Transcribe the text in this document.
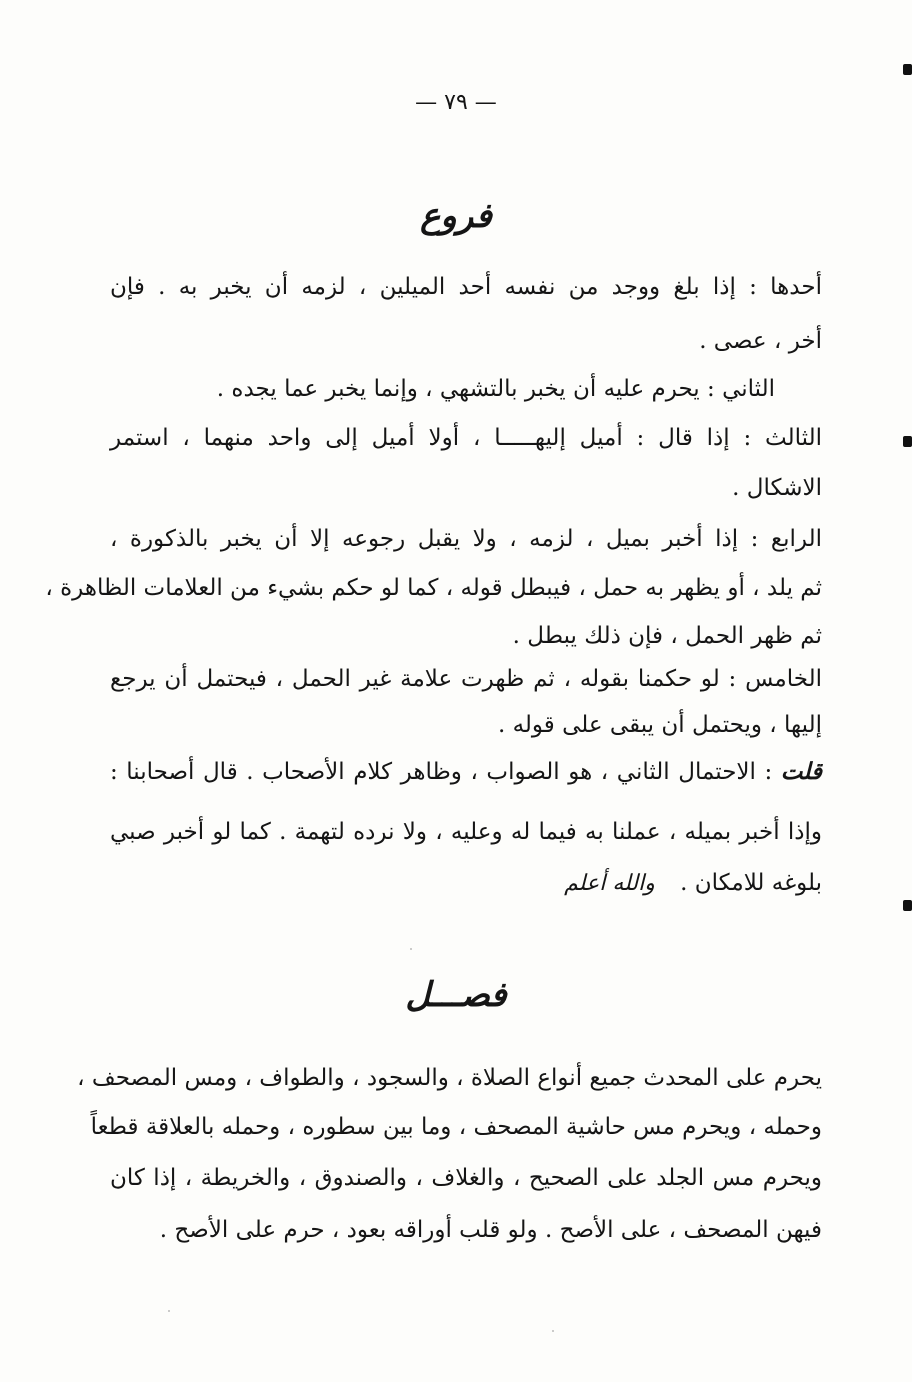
— ٧٩ —
فروع
أحدها : إذا بلغ ووجد من نفسه أحد الميلين ، لزمه أن يخبر به . فإن
أخر ، عصى .
الثاني : يحرم عليه أن يخبر بالتشهي ، وإنما يخبر عما يجده .
الثالث : إذا قال : أميل إليهـــــا ، أولا أميل إلى واحد منهما ، استمر
الاشكال .
الرابع : إذا أخبر بميل ، لزمه ، ولا يقبل رجوعه إلا أن يخبر بالذكورة ،
ثم يلد ، أو يظهر به حمل ، فيبطل قوله ، كما لو حكم بشيء من العلامات الظاهرة ،
ثم ظهر الحمل ، فإن ذلك يبطل .
الخامس : لو حكمنا بقوله ، ثم ظهرت علامة غير الحمل ، فيحتمل أن يرجع
إليها ، ويحتمل أن يبقى على قوله .
قلت : الاحتمال الثاني ، هو الصواب ، وظاهر كلام الأصحاب . قال أصحابنا :
وإذا أخبر بميله ، عملنا به فيما له وعليه ، ولا نرده لتهمة . كما لو أخبر صبي
بلوغه للامكان . والله أعلم
فصـــل
يحرم على المحدث جميع أنواع الصلاة ، والسجود ، والطواف ، ومس المصحف ،
وحمله ، ويحرم مس حاشية المصحف ، وما بين سطوره ، وحمله بالعلاقة قطعاً
ويحرم مس الجلد على الصحيح ، والغلاف ، والصندوق ، والخريطة ، إذا كان
فيهن المصحف ، على الأصح . ولو قلب أوراقه بعود ، حرم على الأصح .
